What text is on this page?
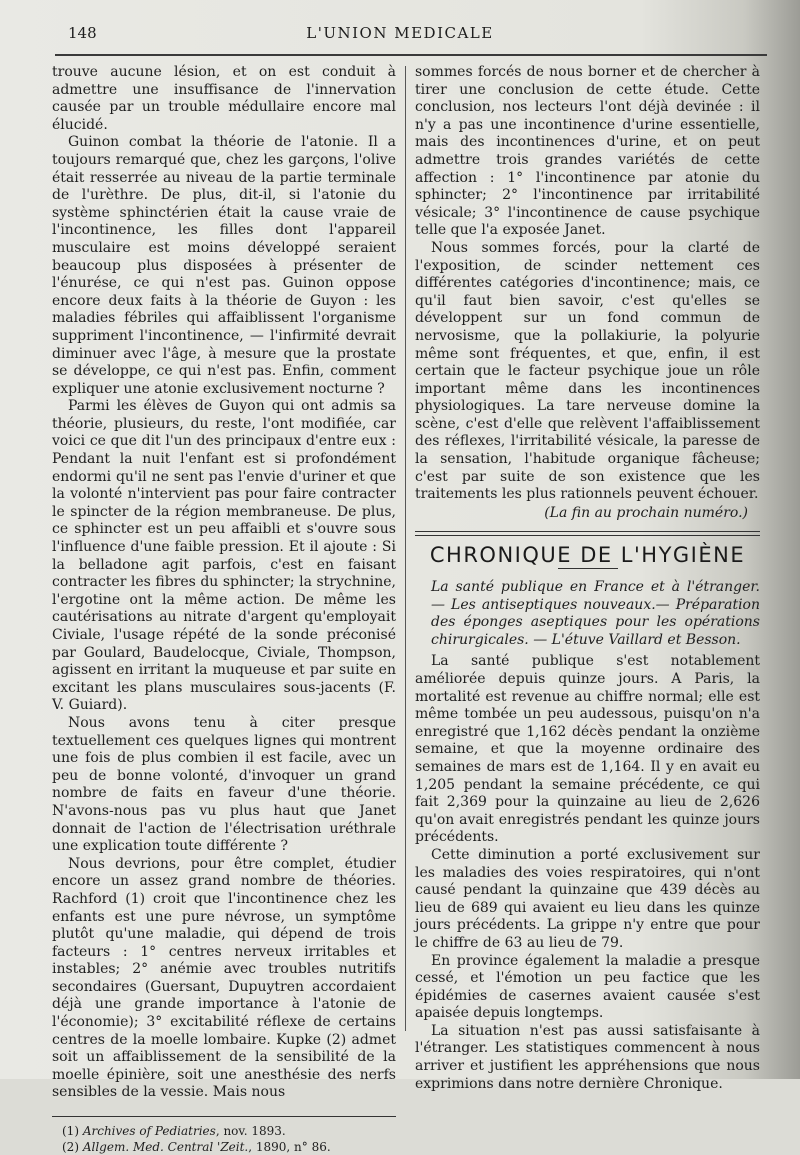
148	L'UNION MEDICALE

trouve aucune lésion, et on est conduit à admettre une insuffisance de l'innervation causée par un trouble médullaire encore mal élucidé.

Guinon combat la théorie de l'atonie. Il a toujours remarqué que, chez les garçons, l'olive était resserrée au niveau de la partie terminale de l'urèthre. De plus, dit-il, si l'atonie du système sphinctérien était la cause vraie de l'incontinence, les filles dont l'appareil musculaire est moins développé seraient beaucoup plus disposées à présenter de l'énurése, ce qui n'est pas. Guinon oppose encore deux faits à la théorie de Guyon : les maladies fébriles qui affaiblissent l'organisme suppriment l'incontinence, — l'infirmité devrait diminuer avec l'âge, à mesure que la prostate se développe, ce qui n'est pas. Enfin, comment expliquer une atonie exclusivement nocturne ?

Parmi les élèves de Guyon qui ont admis sa théorie, plusieurs, du reste, l'ont modifiée, car voici ce que dit l'un des principaux d'entre eux : Pendant la nuit l'enfant est si profondément endormi qu'il ne sent pas l'envie d'uriner et que la volonté n'intervient pas pour faire contracter le spincter de la région membraneuse. De plus, ce sphincter est un peu affaibli et s'ouvre sous l'influence d'une faible pression. Et il ajoute : Si la belladone agit parfois, c'est en faisant contracter les fibres du sphincter; la strychnine, l'ergotine ont la même action. De même les cautérisations au nitrate d'argent qu'employait Civiale, l'usage répété de la sonde préconisé par Goulard, Baudelocque, Civiale, Thompson, agissent en irritant la muqueuse et par suite en excitant les plans musculaires sous-jacents (F. V. Guiard).

Nous avons tenu à citer presque textuellement ces quelques lignes qui montrent une fois de plus combien il est facile, avec un peu de bonne volonté, d'invoquer un grand nombre de faits en faveur d'une théorie. N'avons-nous pas vu plus haut que Janet donnait de l'action de l'électrisation uréthrale une explication toute différente ?

Nous devrions, pour être complet, étudier encore un assez grand nombre de théories. Rachford (1) croit que l'incontinence chez les enfants est une pure névrose, un symptôme plutôt qu'une maladie, qui dépend de trois facteurs : 1° centres nerveux irritables et instables; 2° anémie avec troubles nutritifs secondaires (Guersant, Dupuytren accordaient déjà une grande importance à l'atonie de l'économie); 3° excitabilité réflexe de certains centres de la moelle lombaire. Kupke (2) admet soit un affaiblissement de la sensibilité de la moelle épinière, soit une anesthésie des nerfs sensibles de la vessie. Mais nous

(1) Archives of Pediatries, nov. 1893.

(2) Allgem. Med. Central 'Zeit., 1890, n° 86.

sommes forcés de nous borner et de chercher à tirer une conclusion de cette étude. Cette conclusion, nos lecteurs l'ont déjà devinée : il n'y a pas une incontinence d'urine essentielle, mais des incontinences d'urine, et on peut admettre trois grandes variétés de cette affection : 1° l'incontinence par atonie du sphincter; 2° l'incontinence par irritabilité vésicale; 3° l'incontinence de cause psychique telle que l'a exposée Janet.

Nous sommes forcés, pour la clarté de l'exposition, de scinder nettement ces différentes catégories d'incontinence; mais, ce qu'il faut bien savoir, c'est qu'elles se développent sur un fond commun de nervosisme, que la pollakiurie, la polyurie même sont fréquentes, et que, enfin, il est certain que le facteur psychique joue un rôle important même dans les incontinences physiologiques. La tare nerveuse domine la scène, c'est d'elle que relèvent l'affaiblissement des réflexes, l'irritabilité vésicale, la paresse de la sensation, l'habitude organique fâcheuse; c'est par suite de son existence que les traitements les plus rationnels peuvent échouer.

(La fin au prochain numéro.)

CHRONIQUE DE L'HYGIÈNE

La santé publique en France et à l'étranger. — Les antiseptiques nouveaux.— Préparation des éponges aseptiques pour les opérations chirurgicales. — L'étuve Vaillard et Besson.

La santé publique s'est notablement améliorée depuis quinze jours. A Paris, la mortalité est revenue au chiffre normal; elle est même tombée un peu audessous, puisqu'on n'a enregistré que 1,162 décès pendant la onzième semaine, et que la moyenne ordinaire des semaines de mars est de 1,164. Il y en avait eu 1,205 pendant la semaine précédente, ce qui fait 2,369 pour la quinzaine au lieu de 2,626 qu'on avait enregistrés pendant les quinze jours précédents.

Cette diminution a porté exclusivement sur les maladies des voies respiratoires, qui n'ont causé pendant la quinzaine que 439 décès au lieu de 689 qui avaient eu lieu dans les quinze jours précédents. La grippe n'y entre que pour le chiffre de 63 au lieu de 79.

En province également la maladie a presque cessé, et l'émotion un peu factice que les épidémies de casernes avaient causée s'est apaisée depuis longtemps.

La situation n'est pas aussi satisfaisante à l'étranger. Les statistiques commencent à nous arriver et justifient les appréhensions que nous exprimions dans notre dernière Chronique.
